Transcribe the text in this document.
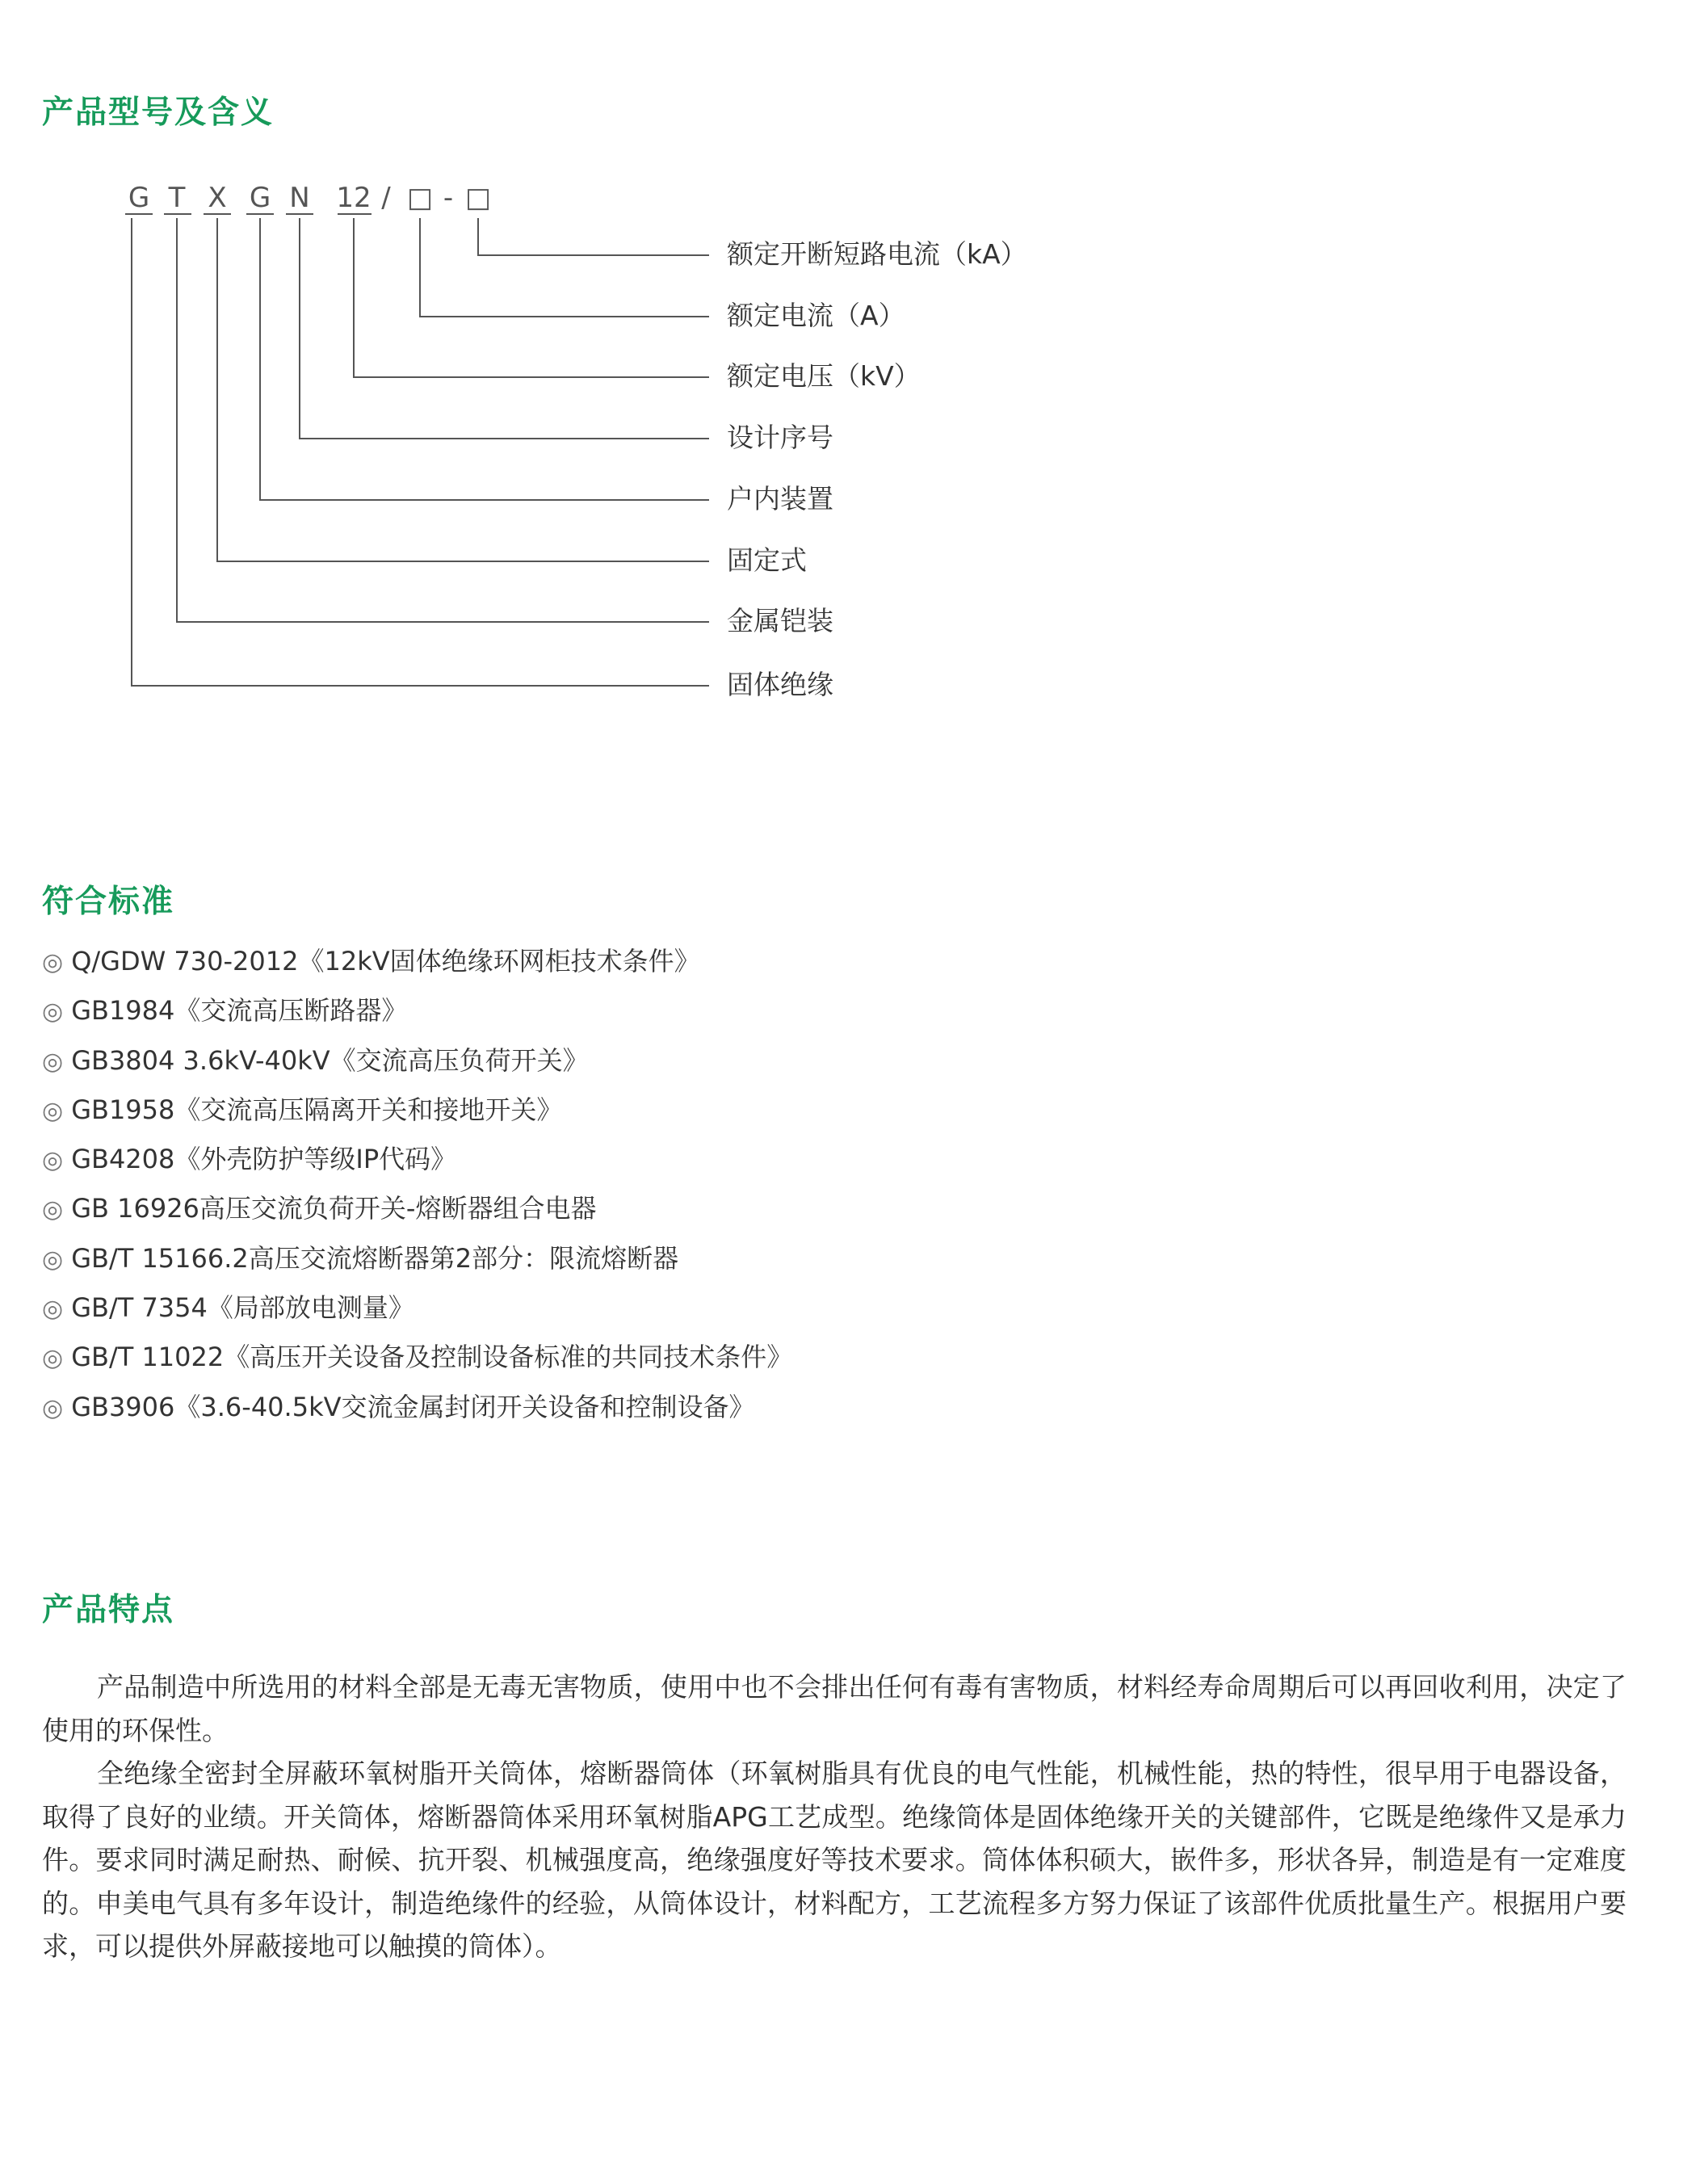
产品型号及含义
G T X G N 12 / □ - □
额定开断短路电流（kA）
额定电流（A）
额定电压（kV）
设计序号
户内装置
固定式
金属铠装
固体绝缘
符合标准
◎ Q/GDW 730-2012《12kV固体绝缘环网柜技术条件》
◎ GB1984《交流高压断路器》
◎ GB3804 3.6kV-40kV《交流高压负荷开关》
◎ GB1958《交流高压隔离开关和接地开关》
◎ GB4208《外壳防护等级IP代码》
◎ GB 16926高压交流负荷开关-熔断器组合电器
◎ GB/T 15166.2高压交流熔断器第2部分：限流熔断器
◎ GB/T 7354《局部放电测量》
◎ GB/T 11022《高压开关设备及控制设备标准的共同技术条件》
◎ GB3906《3.6-40.5kV交流金属封闭开关设备和控制设备》
产品特点

产品制造中所选用的材料全部是无毒无害物质，使用中也不会排出任何有毒有害物质，材料经寿命周期后可以再回收利用，决定了使用的环保性。

全绝缘全密封全屏蔽环氧树脂开关筒体，熔断器筒体（环氧树脂具有优良的电气性能，机械性能，热的特性，很早用于电器设备，取得了良好的业绩。开关筒体，熔断器筒体采用环氧树脂APG工艺成型。绝缘筒体是固体绝缘开关的关键部件，它既是绝缘件又是承力件。要求同时满足耐热、耐候、抗开裂、机械强度高，绝缘强度好等技术要求。筒体体积硕大，嵌件多，形状各异，制造是有一定难度的。申美电气具有多年设计，制造绝缘件的经验，从筒体设计，材料配方，工艺流程多方努力保证了该部件优质批量生产。根据用户要求，可以提供外屏蔽接地可以触摸的筒体）。
